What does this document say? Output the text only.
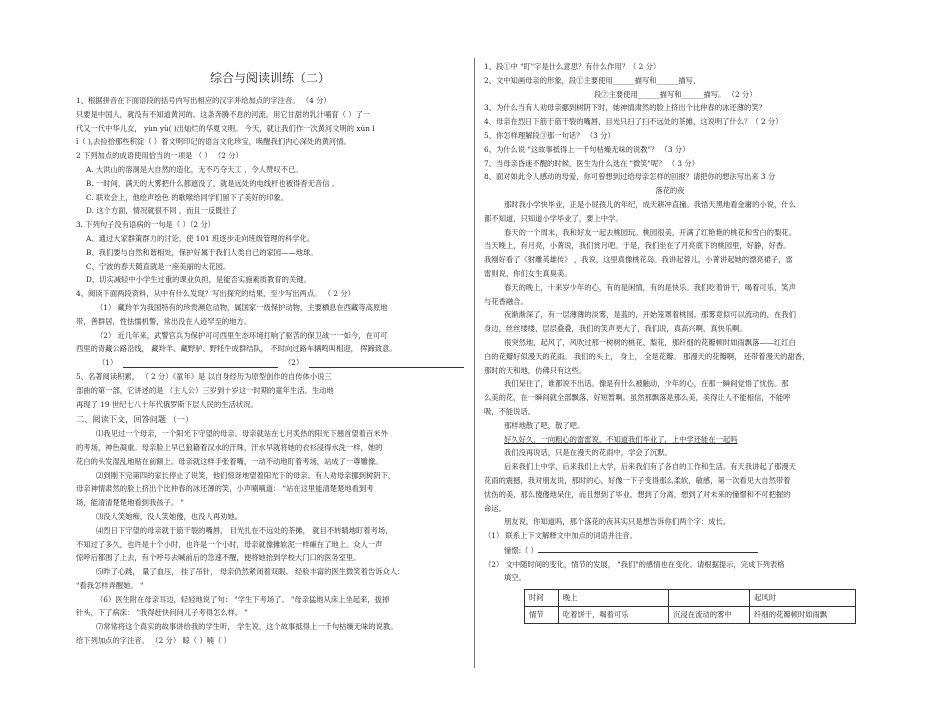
综合与阅读训练（二）

1、根据拼音在下面语段的括号内写出相应的汉字并给加点的字注音。 （4 分）

只要是中国人，就没有不知道黄河的。这条奔腾不息的河流，用它甘甜的乳汁哺育（ ）了一

代又一代中华儿女， yùn yù( )出灿烂的华夏文明。 今天，就让我们作一次黄河文明的 xún l

ǐ（ ),去捡拾那些积淀（ ）着文明印记的语言文化珍宝，唤醒我们内心深处的黄河情。

2 下列加点的成语使用恰当的一项是 （ ） （2 分）

A. 大洪山的溶洞是大自然的造化，无不巧夺天工 ，令人赞叹不已。

B. 一时间，满天的大雾把什么都遮没了，就是远处的电线杆也被得杳无音信 。

C. 联欢会上，他绘声绘色 的歌喉给同学们留下了美好的印象。

D. 这个方面，情况就很不同 ，而且一反既往了

3. 下列句子没有语病的一句是（ ）（2 分）

A、通过大家群策群力的讨论，使 101 班逐步走向班级管理的科学化。

B、我们要与自然和谐相处，保护好属于我们人类自己的家园——地球。

C、宁波的春天随直就是一座美丽的大花园。

D、切实减轻中小学生过重的课业负担，是能否实施素质教育的关键。

4、阅读下面两段资料，从中有什么发现？写出探究的结果，至少写出两点。 （ 2 分）

（1） 藏羚羊为我国特有的珍贵濒危动物，属国家一级保护动物，主要栖息在西藏等高原地

带，善群居，性怯懦机警，常出没在人迹罕至的地方。

（2） 近几年来，武警官兵为保护可可西里生态环境打响了驱苦的保卫战一一如今，在可可

西里的青藏公路沿线， 藏羚羊、藏野驴、野牦牛成群结队， 不时向过路车辆鸣叫相迎， 挥蹄致意。

（1）	（2）

5、名著阅读积累。 （ 2 分）《童年》是 以自身经历为原型创作的自传体小说三

部曲的第一部，它讲述的是 （主人公）三岁到十岁这一时期的童年生活。生动地

再现了 19 世纪七八十年代俄罗斯下层人民的生活状况。

二、阅读下文，回答问题 （一）

⑴我见过一个母亲，一个阳光下守望的母亲。母亲就站在七月炙热的阳光下翘首望着百米外

的考场，神色凝重。母亲脸上早已狼籍着汉水的汗珠，汗水早就将她的衣衫浸得水洗一样，她的

花白的头发湿乱地贴在前额上。母亲就这样手张着嘴，一动不动地盯着考场，站成了一尊雕像。

⑵到刚下完第四的家长停止了说笑，他们惊讶地望着阳光下的母亲。有人劝母亲挪到树阴下，

母亲神情肃然的脸上挤出个比仲春的冰还薄的笑，小声喃喃道： "站在这里能清楚楚地看到考

场，能清清楚楚地看到我孩子。 "

⑶没人笑她痴，没人笑她傻，也没人再劝她。

⑷烈日下守望的母亲就于筋干裂的嘴唇， 目光扎在不远处的茶摊， 就目不转睛地盯着考场，

不知过了多久，也许是十个小时，也许是一个小时，母亲就像摊软泥一样瘫在了地上。众人一声

惊呼后都围了上去，有个呼号去喊前后的急速不醒，便将她抬到学校大门口的医务室里。

⑸昨了心跳， 量了血压， 挂了吊针， 母亲仍然紧闭着双眼。 经验丰富的医生微笑着告诉众人：

"看我怎样弄醒她。 "

（6）医生附在母亲耳边，轻轻地说了句： "学生下考场了。 "母亲猛地从床上坐起来，拔掉

针头，下了病床： "我得赶快问问儿子考得怎么样。 "

⑺常常将这个真实的故事讲给我的学生听， 学生说，这个故事抵得上一千句枯燥无味的说教。

给下列加点的字注音。 （2 分） 晾（ ）喃（ ）

1、段①中 "盯"字是什么意思？有什么作用？（ 2 分）

2、文中知画母亲的形象，段①主要使用______描写和______描写，

段⑦主要使用______描写和______描写。 （2 分）

3、为什么当有人劝母亲挪到树阴下时，她神情肃然的脸上挤出个比仲春的冰还薄的笑？

4、母亲在烈日下筋于筋干裂的嘴唇，目光只扫了扫不远处的茶摊，这说明了什么？（ 2 分）

5、你怎样理解段③那一句话？ （3 分）

6、为什么说 "这故事抵得上一千句枯燥无味的说教"？ （3 分）

7、当母亲昏迷不醒的时候，医生为什么选在 "微笑"呢？ （ 3 分）

8、面对如此令人感动的母爱，你可曾想到过给母亲怎样的回报？请把你的想法写出来 3 分

落花的夜

那时我小学快毕业，正是小屁孩儿的年纪，成天耕冲直撞。我悟天黑地看金庸的小说，什么

都不知道，只知道小学毕业了，要上中学。

春天的一个周末，我和好友一起去桃园玩。桃园很美，开满了红艳艳的桃花和雪白的梨花。

当天晚上，有月亮，小菁说，我们赏月吧。于是，我们坐在了月亮底下的桃园里，好静，好香。

我刚好看了《射雕英雄传》 ，我说，这里真像桃花岛。我讲起蓉儿，小菁讲起她的漂亮裙子，雷

雷则说，你们女生真臭美。

春天的晚上，十来岁少年的心，有的是闲情，有的是快乐。我们吃着饼干，喝着可乐，笑声

与花香融合。

夜渐渐深了，有一层薄薄的淡雾，是蓝的，开始笼罩着桃园。那雾竟似可以流动的，在我们

身边，丝丝缕缕，层层叠叠，我们的笑声更大了，我们说，真高兴啊，真快乐啊。

很突然地，起风了，风吹过那一树树的桃花、梨花，那纤细的花瓣顿时如雨飘落——红红白

白的花瓣好似漫天的花雨。 我们的头上， 身上， 全是花瓣。 那漫天的花瓣啊， 还带着漫天的甜香，

那时的天和地，仿佛只有这些。

我们呆住了，谁都说不出话。像是有什么被触动，少年的心，在那一瞬间觉悟了忧伤。那

么美的花，在一瞬间就全部飘落，好短暂啊。虽然那飘落是那么美，美得让人不能相信，不能呼

吸，不能说话。

那样地散了吧，散了吧。

好久好久，一向粗心的雷雷说，不知道我们毕业了，上中学还能在一起吗

我们没再说话，只是在漫天的花雨中，学会了沉默。

后来我们上中学，后来我们上大学，后来我们有了各自的工作和生活。有天我讲起了那漫天

花雨的震撼，我对朋友说，那时的心，好像一下子变得那么柔软，敏感，第一次看见大自然带着

忧伤的美，那么傻傻地呆住，而且想到了毕业，想到了分离，想到了对未来的憧憬和不可把握的

命运。

朋友说，你知道吗，那个落花的夜其实只是想告诉你们两个字：成长。

（1） 联系上下文解释文中加点的词语并注音。

憧憬:（ ）

（2） 文中随时间的变化，情节的发展， "我们"的感情也在变化。请根据提示，完成下列表格

填空。

时间	晚上		起风时
情节	吃着饼干，喝着可乐	沉浸在流动的雾中	纤细的花瓣顿时如雨飘
